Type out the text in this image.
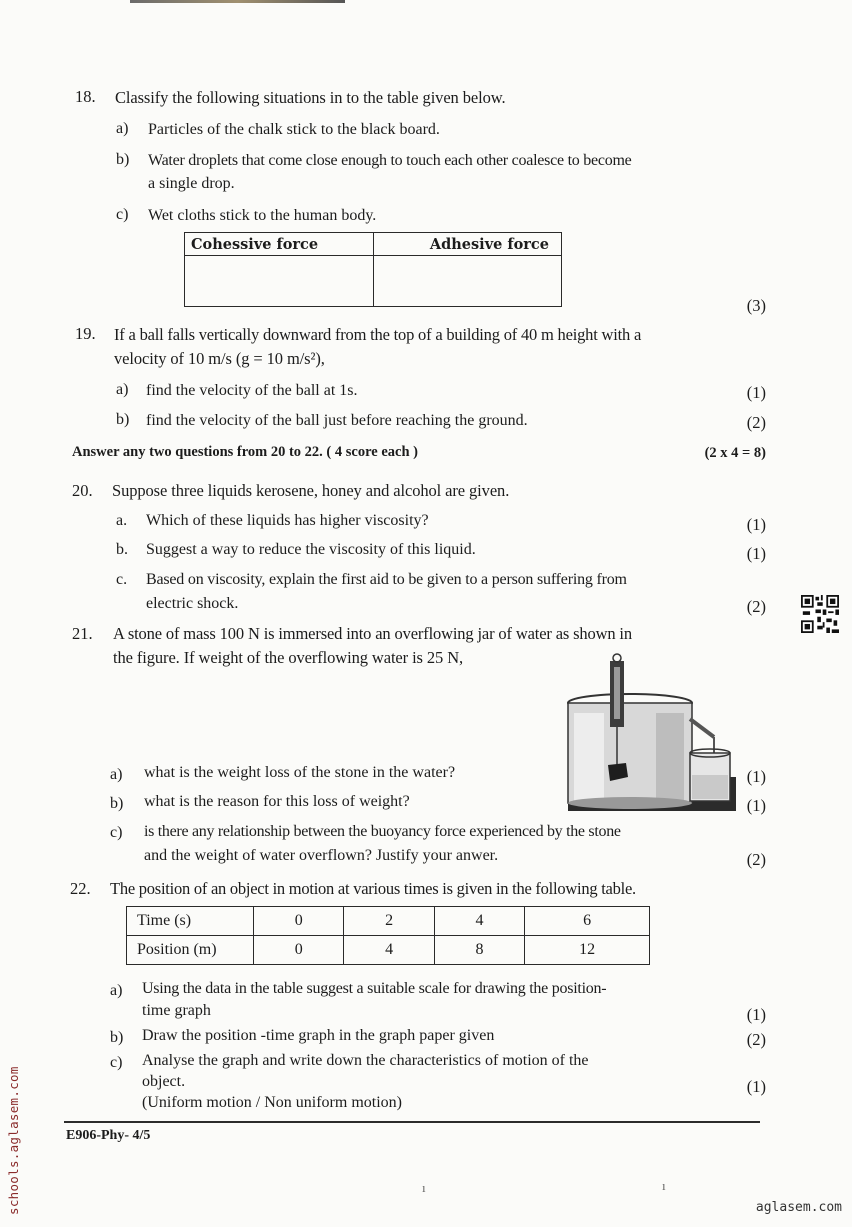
18. Classify the following situations in to the table given below.
a) Particles of the chalk stick to the black board.
b) Water droplets that come close enough to touch each other coalesce to become
a single drop.
c) Wet cloths stick to the human body.
Cohessive force	Adhesive force

(3)
19. If a ball falls vertically downward from the top of a building of 40 m height with a
velocity of 10 m/s (g = 10 m/s²),
a) find the velocity of the ball at 1s.	(1)
b) find the velocity of the ball just before reaching the ground.	(2)
Answer any two questions from 20 to 22. ( 4 score each )	(2 x 4 = 8)
20. Suppose three liquids kerosene, honey and alcohol are given.
a. Which of these liquids has higher viscosity?	(1)
b. Suggest a way to reduce the viscosity of this liquid.	(1)
c. Based on viscosity, explain the first aid to be given to a person suffering from
electric shock.	(2)
21. A stone of mass 100 N is immersed into an overflowing jar of water as shown in
the figure. If weight of the overflowing water is 25 N,
a) what is the weight loss of the stone in the water?	(1)
b) what is the reason for this loss of weight?	(1)
c) is there any relationship between the buoyancy force experienced by the stone
and the weight of water overflown? Justify your anwer.	(2)
22. The position of an object in motion at various times is given in the following table.
Time (s)	0	2	4	6
Position (m)	0	4	8	12
a) Using the data in the table suggest a suitable scale for drawing the position-
time graph	(1)
b) Draw the position -time graph in the graph paper given	(2)
c) Analyse the graph and write down the characteristics of motion of the
object.
(Uniform motion / Non uniform motion)
(1)
E906-Phy- 4/5
ı	ı
schools.aglasem.com	aglasem.com
